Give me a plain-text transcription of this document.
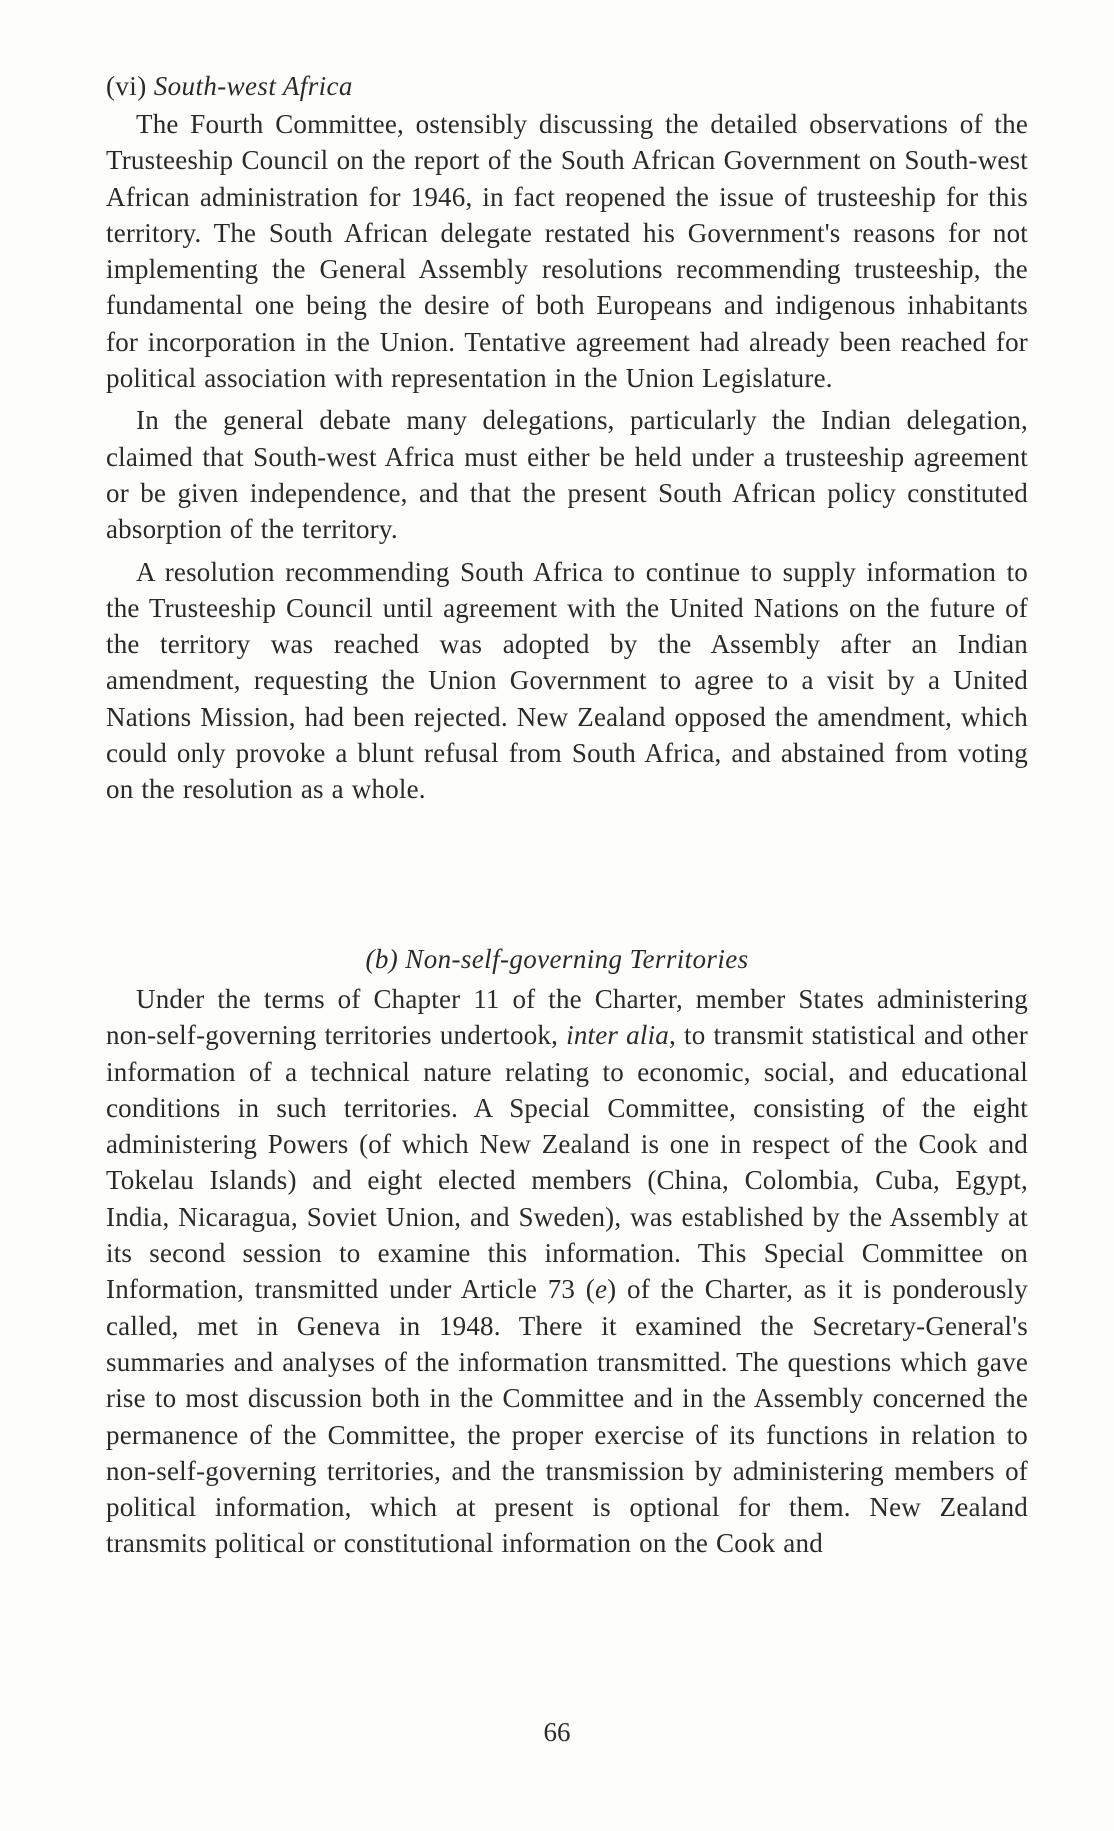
(vi) South-west Africa

The Fourth Committee, ostensibly discussing the detailed observations of the Trusteeship Council on the report of the South African Government on South-west African administration for 1946, in fact reopened the issue of trusteeship for this territory. The South African delegate restated his Government's reasons for not implementing the General Assembly resolutions recommending trusteeship, the fundamental one being the desire of both Europeans and indigenous inhabitants for incorporation in the Union. Tentative agreement had already been reached for political association with representation in the Union Legislature.

In the general debate many delegations, particularly the Indian delegation, claimed that South-west Africa must either be held under a trusteeship agreement or be given independence, and that the present South African policy constituted absorption of the territory.

A resolution recommending South Africa to continue to supply information to the Trusteeship Council until agreement with the United Nations on the future of the territory was reached was adopted by the Assembly after an Indian amendment, requesting the Union Government to agree to a visit by a United Nations Mission, had been rejected. New Zealand opposed the amendment, which could only provoke a blunt refusal from South Africa, and abstained from voting on the resolution as a whole.

(b) Non-self-governing Territories

Under the terms of Chapter 11 of the Charter, member States administering non-self-governing territories undertook, inter alia, to transmit statistical and other information of a technical nature relating to economic, social, and educational conditions in such territories. A Special Committee, consisting of the eight administering Powers (of which New Zealand is one in respect of the Cook and Tokelau Islands) and eight elected members (China, Colombia, Cuba, Egypt, India, Nicaragua, Soviet Union, and Sweden), was established by the Assembly at its second session to examine this information. This Special Committee on Information, transmitted under Article 73 (e) of the Charter, as it is ponderously called, met in Geneva in 1948. There it examined the Secretary-General's summaries and analyses of the information transmitted. The questions which gave rise to most discussion both in the Committee and in the Assembly concerned the permanence of the Committee, the proper exercise of its functions in relation to non-self-governing territories, and the transmission by administering members of political information, which at present is optional for them. New Zealand transmits political or constitutional information on the Cook and

66
